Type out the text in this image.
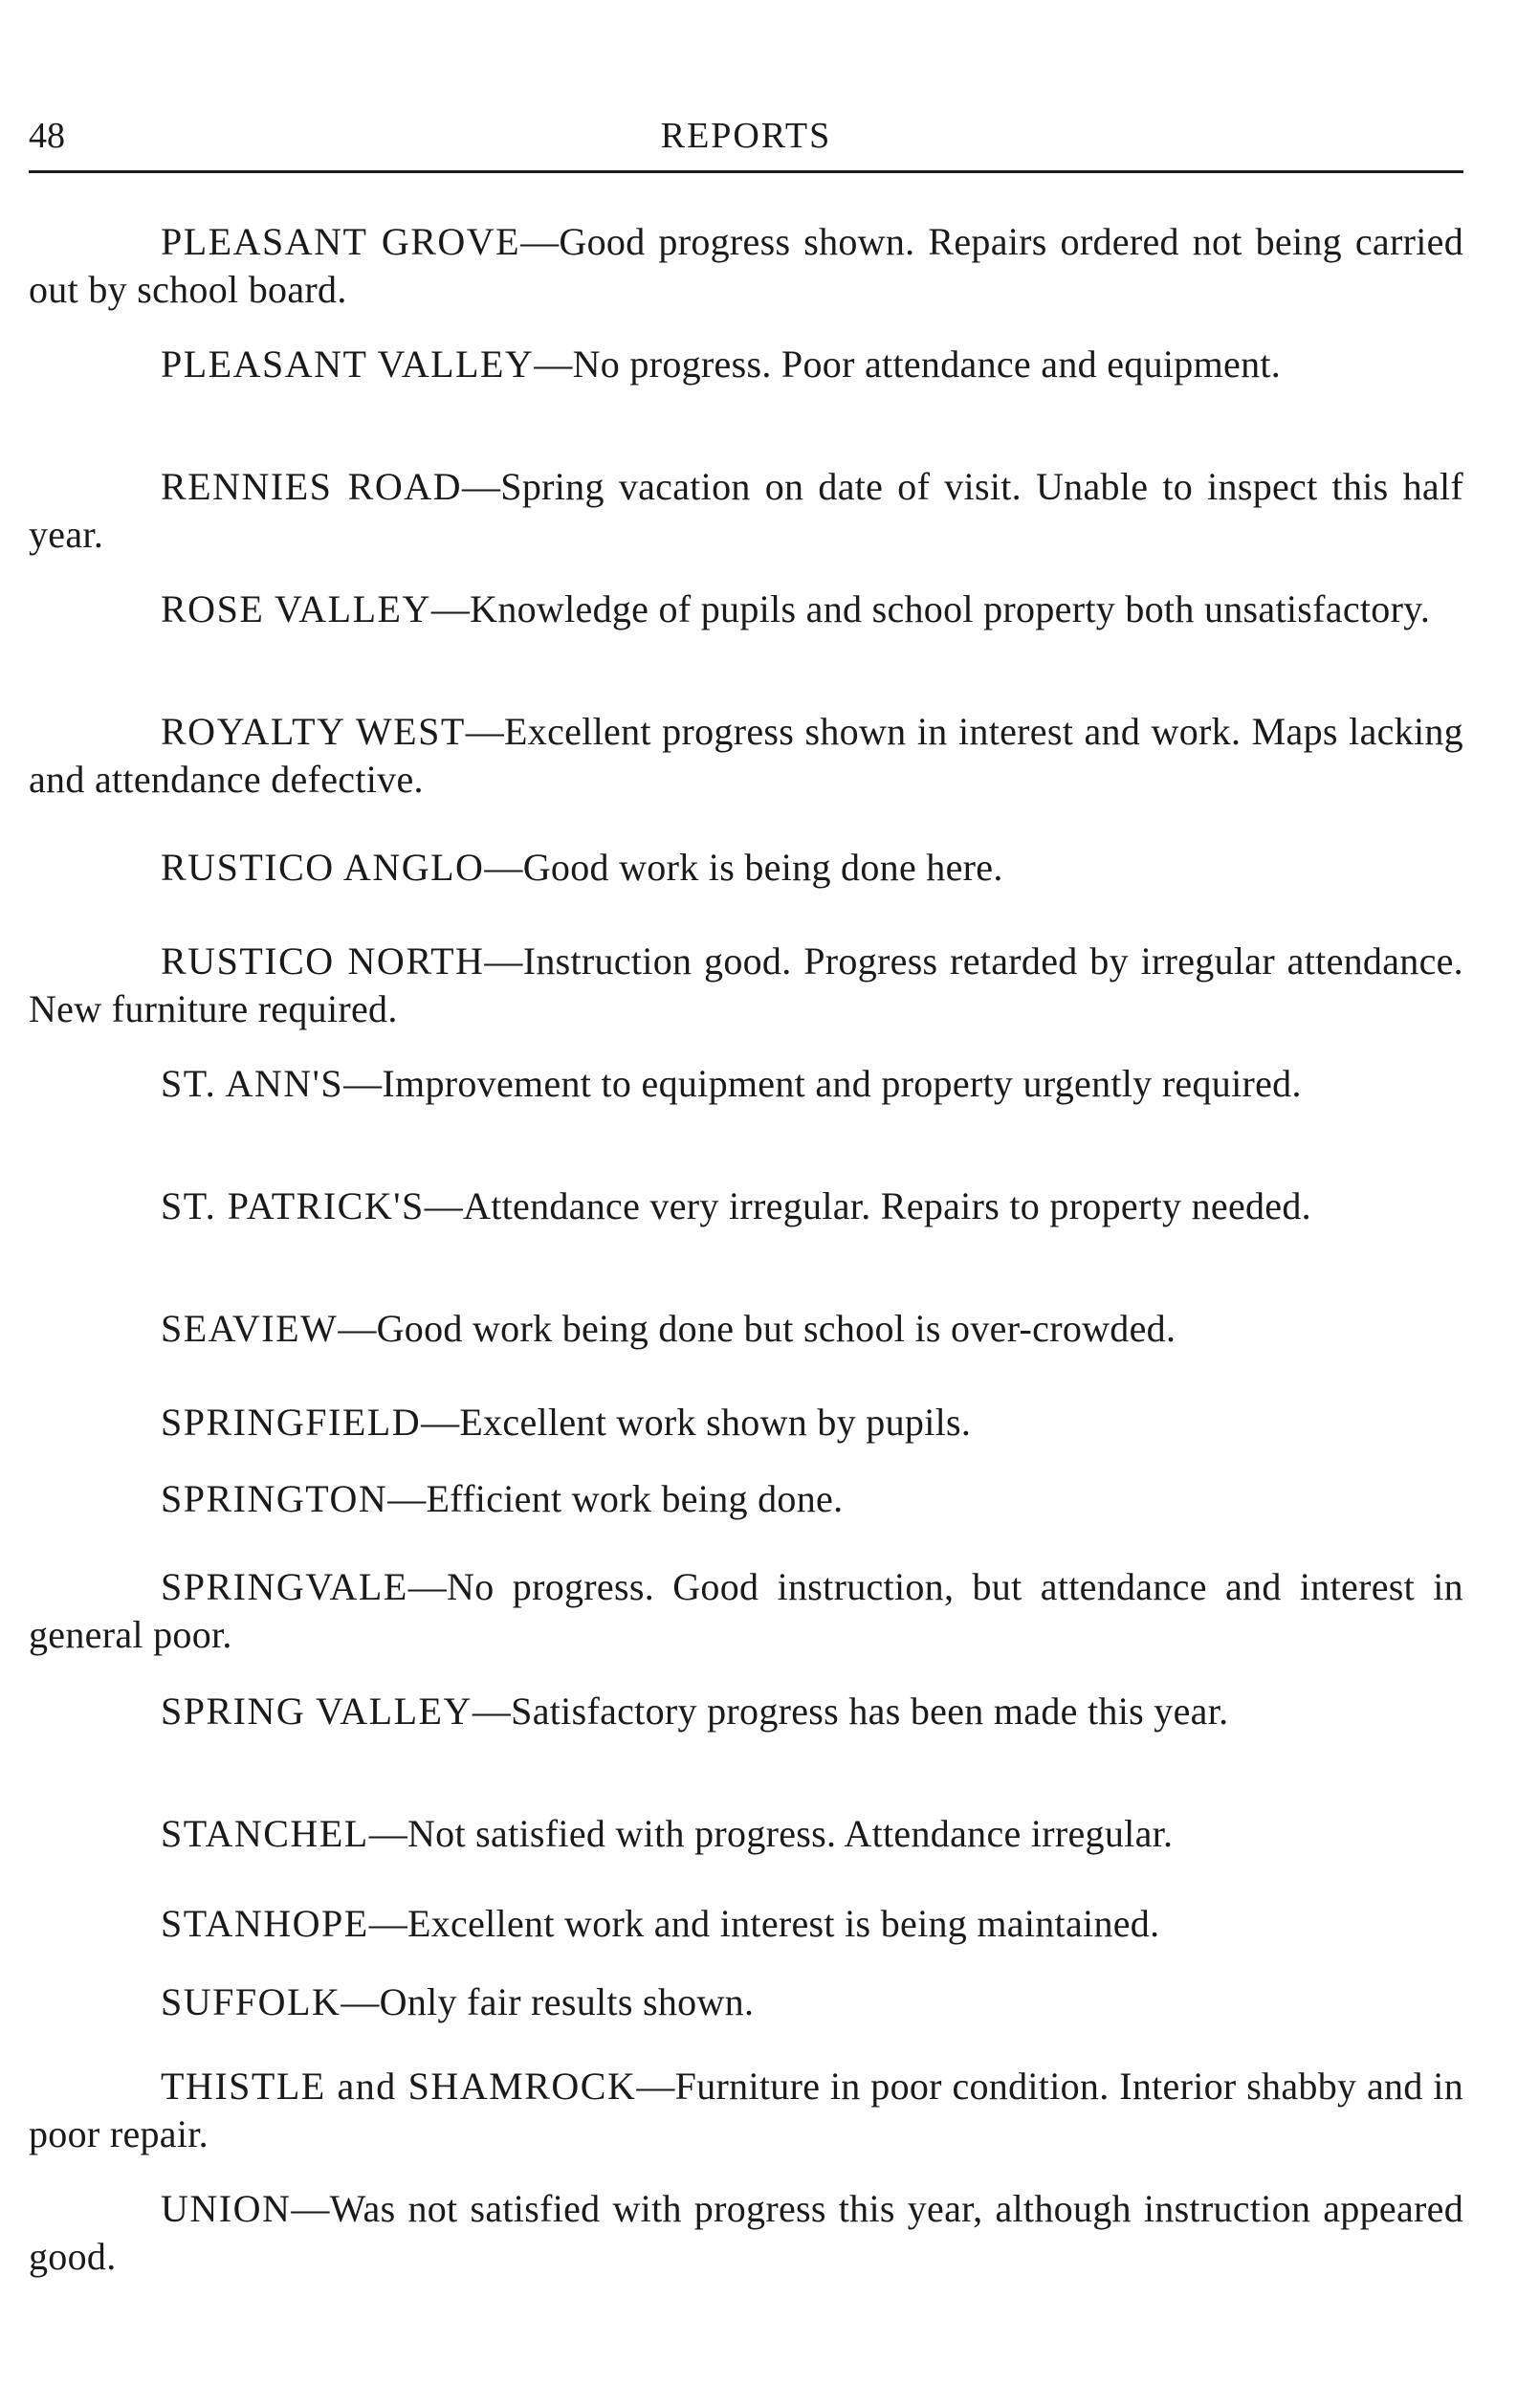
48	REPORTS

PLEASANT GROVE—Good progress shown. Repairs ordered not being carried out by school board.

PLEASANT VALLEY—No progress. Poor attendance and equipment.

RENNIES ROAD—Spring vacation on date of visit. Unable to inspect this half year.

ROSE VALLEY—Knowledge of pupils and school property both unsatisfactory.

ROYALTY WEST—Excellent progress shown in interest and work. Maps lacking and attendance defective.

RUSTICO ANGLO—Good work is being done here.

RUSTICO NORTH—Instruction good. Progress retarded by irregular attendance. New furniture required.

ST. ANN'S—Improvement to equipment and property urgently required.

ST. PATRICK'S—Attendance very irregular. Repairs to property needed.

SEAVIEW—Good work being done but school is over-crowded.

SPRINGFIELD—Excellent work shown by pupils.

SPRINGTON—Efficient work being done.

SPRINGVALE—No progress. Good instruction, but attendance and interest in general poor.

SPRING VALLEY—Satisfactory progress has been made this year.

STANCHEL—Not satisfied with progress. Attendance irregular.

STANHOPE—Excellent work and interest is being maintained.

SUFFOLK—Only fair results shown.

THISTLE and SHAMROCK—Furniture in poor condition. Interior shabby and in poor repair.

UNION—Was not satisfied with progress this year, although instruction appeared good.
